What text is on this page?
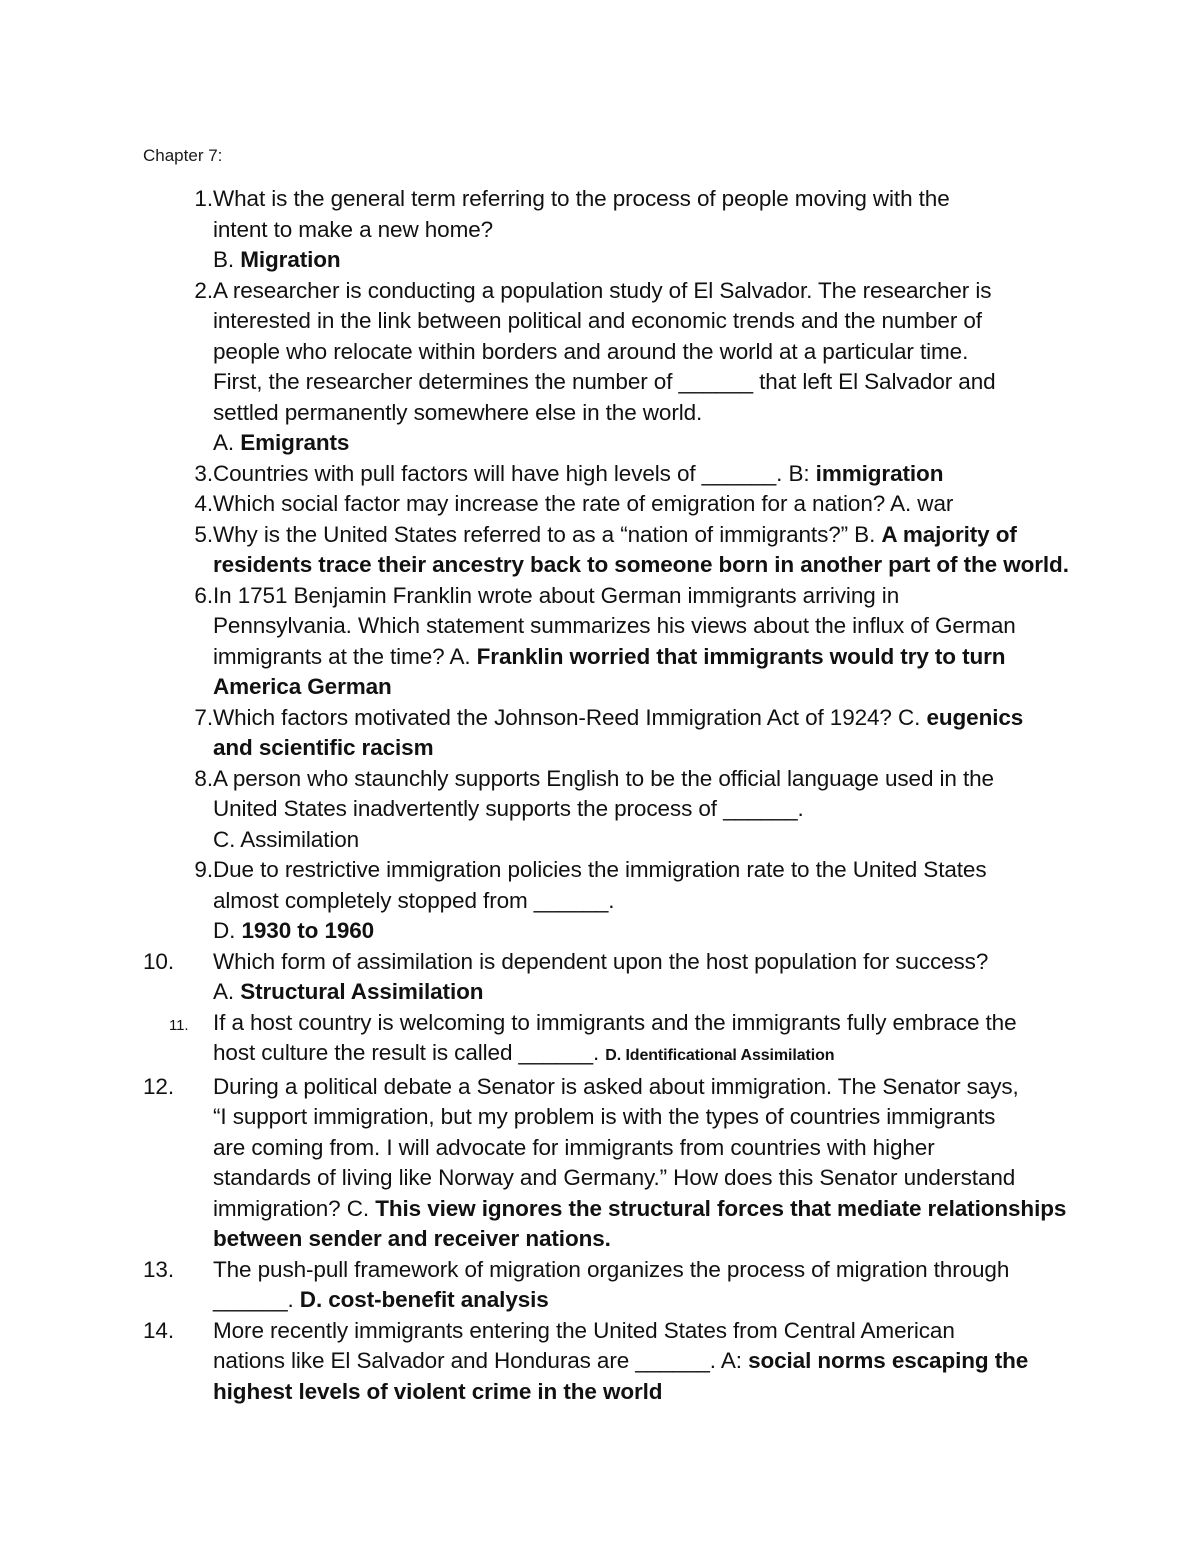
Chapter 7:
1. What is the general term referring to the process of people moving with the
intent to make a new home?
B. Migration
2. A researcher is conducting a population study of El Salvador. The researcher is
interested in the link between political and economic trends and the number of
people who relocate within borders and around the world at a particular time.
First, the researcher determines the number of ______ that left El Salvador and
settled permanently somewhere else in the world.
A. Emigrants
3. Countries with pull factors will have high levels of ______. B: immigration
4. Which social factor may increase the rate of emigration for a nation? A. war
5. Why is the United States referred to as a “nation of immigrants?” B. A majority of
residents trace their ancestry back to someone born in another part of the world.
6. In 1751 Benjamin Franklin wrote about German immigrants arriving in
Pennsylvania. Which statement summarizes his views about the influx of German
immigrants at the time? A. Franklin worried that immigrants would try to turn
America German
7. Which factors motivated the Johnson-Reed Immigration Act of 1924? C. eugenics
and scientific racism
8. A person who staunchly supports English to be the official language used in the
United States inadvertently supports the process of ______.
C. Assimilation
9. Due to restrictive immigration policies the immigration rate to the United States
almost completely stopped from ______.
D. 1930 to 1960
10.	Which form of assimilation is dependent upon the host population for success?
A. Structural Assimilation
11.	If a host country is welcoming to immigrants and the immigrants fully embrace the
host culture the result is called ______. D. Identificational Assimilation
12.	During a political debate a Senator is asked about immigration. The Senator says,
“I support immigration, but my problem is with the types of countries immigrants
are coming from. I will advocate for immigrants from countries with higher
standards of living like Norway and Germany.” How does this Senator understand
immigration? C. This view ignores the structural forces that mediate relationships
between sender and receiver nations.
13.	The push-pull framework of migration organizes the process of migration through
______. D. cost-benefit analysis
14.	More recently immigrants entering the United States from Central American
nations like El Salvador and Honduras are ______. A: social norms escaping the
highest levels of violent crime in the world
